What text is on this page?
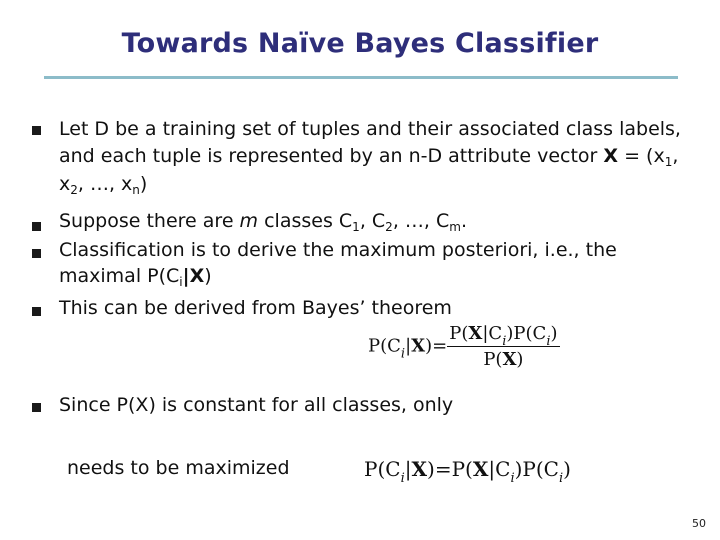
Towards Naïve Bayes Classifier
Let D be a training set of tuples and their associated class labels,
and each tuple is represented by an n-D attribute vector $X = (x_1$,
$x_2$, …, $x_n$)
Suppose there are m classes $C_1$, $C_2$, …, $C_m$.
Classification is to derive the maximum posteriori, i.e., the
maximal $P(C_i|X)$
This can be derived from Bayes’ theorem
$P(C_i|X)= \frac{P(X|C_i)P(C_i)}{P(X)}$
Since P(X) is constant for all classes, only
needs to be maximized	$P(C_i|X)=P(X|C_i)P(C_i)$
50
